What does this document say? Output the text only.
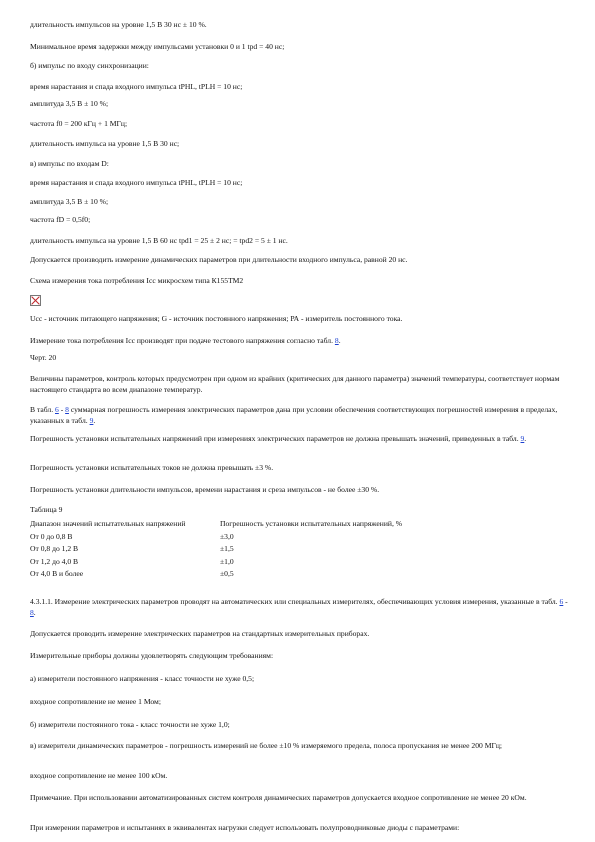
длительность импульсов на уровне 1,5 В 30 нс ± 10 %.
Минимальное время задержки между импульсами установки 0 и 1 tpd = 40 нс;
б) импульс по входу синхронизации:
время нарастания и спада входного импульса tPHL, tPLH = 10 нс;
амплитуда 3,5 В ± 10 %;
частота f0 = 200 кГц + 1 МГц;
длительность импульса на уровне 1,5 В 30 нс;
в) импульс по входам D:
время нарастания и спада входного импульса tPHL, tPLH = 10 нс;
амплитуда 3,5 В ± 10 %;
частота fD = 0,5f0;
длительность импульса на уровне 1,5 В 60 нс tpd1 = 25 ± 2 нс; = tpd2 = 5 ± 1 нс.
Допускается производить измерение динамических параметров при длительности входного импульса, равной 20 нс.
Схема измерения тока потребления Icc микросхем типа К155ТМ2
Ucc - источник питающего напряжения; G - источник постоянного напряжения; РА - измеритель постоянного тока.
Измерение тока потребления Icc производят при подаче тестового напряжения согласно табл. 8.
Черт. 20
Величины параметров, контроль которых предусмотрен при одном из крайних (критических для данного параметра) значений температуры, соответствует нормам настоящего стандарта во всем диапазоне температур.
В табл. 6 - 8 суммарная погрешность измерения электрических параметров дана при условии обеспечения соответствующих погрешностей измерения в пределах, указанных в табл. 9.
Погрешность установки испытательных напряжений при измерениях электрических параметров не должна превышать значений, приведенных в табл. 9.
Погрешность установки испытательных токов не должна превышать ±3 %.
Погрешность установки длительности импульсов, времени нарастания и среза импульсов - не более ±30 %.
Таблица 9
Диапазон значений испытательных напряжений	Погрешность установки испытательных напряжений, %
От 0 до 0,8 В	±3,0
От 0,8 до 1,2 В	±1,5
От 1,2 до 4,0 В	±1,0
От 4,0 В и более	±0,5
4.3.1.1. Измерение электрических параметров проводят на автоматических или специальных измерителях, обеспечивающих условия измерения, указанные в табл. 6 - 8.
Допускается проводить измерение электрических параметров на стандартных измерительных приборах.
Измерительные приборы должны удовлетворять следующим требованиям:
а) измерители постоянного напряжения - класс точности не хуже 0,5;
входное сопротивление не менее 1 Мом;
б) измерители постоянного тока - класс точности не хуже 1,0;
в) измерители динамических параметров - погрешность измерений не более ±10 % измеряемого предела, полоса пропускания не менее 200 МГц;
входное сопротивление не менее 100 кОм.
Примечание. При использовании автоматизированных систем контроля динамических параметров допускается входное сопротивление не менее 20 кОм.
При измерении параметров и испытаниях в эквивалентах нагрузки следует использовать полупроводниковые диоды с параметрами:
